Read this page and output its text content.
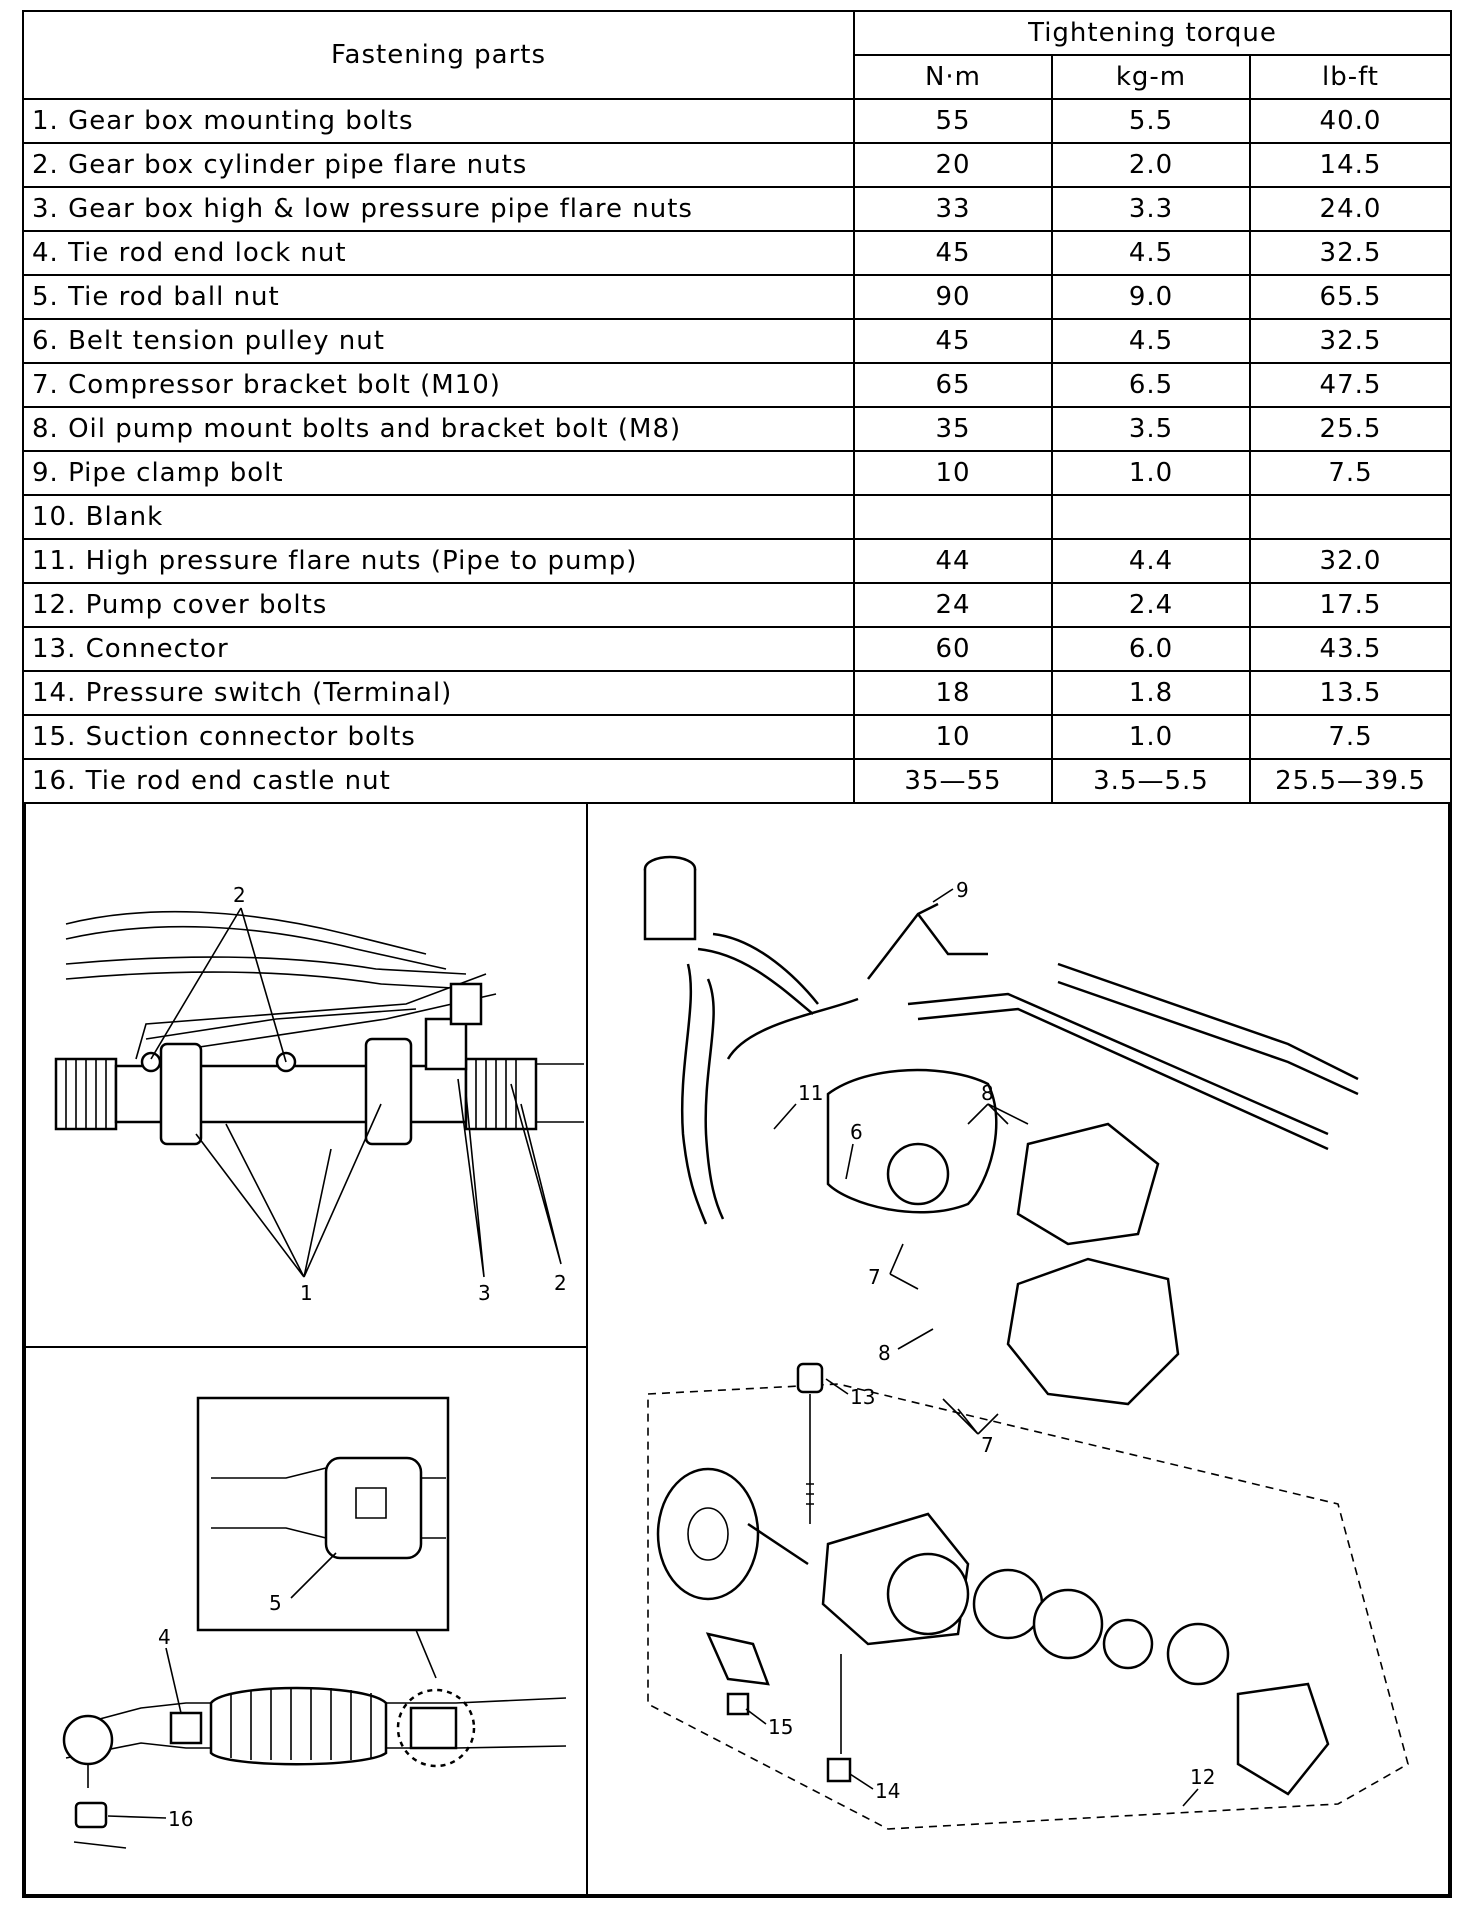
Fastening parts	Tightening torque		
	N·m	kg-m	lb-ft
1. Gear box mounting bolts	55	5.5	40.0
2. Gear box cylinder pipe flare nuts	20	2.0	14.5
3. Gear box high & low pressure pipe flare nuts	33	3.3	24.0
4. Tie rod end lock nut	45	4.5	32.5
5. Tie rod ball nut	90	9.0	65.5
6. Belt tension pulley nut	45	4.5	32.5
7. Compressor bracket bolt (M10)	65	6.5	47.5
8. Oil pump mount bolts and bracket bolt (M8)	35	3.5	25.5
9. Pipe clamp bolt	10	1.0	7.5
10. Blank			
11. High pressure flare nuts (Pipe to pump)	44	4.4	32.0
12. Pump cover bolts	24	2.4	17.5
13. Connector	60	6.0	43.5
14. Pressure switch (Terminal)	18	1.8	13.5
15. Suction connector bolts	10	1.0	7.5
16. Tie rod end castle nut	35—55	3.5—5.5	25.5—39.5
2
1	3	2
5
4
16
9
11	8
6
7
8
13
7
15
14
12
